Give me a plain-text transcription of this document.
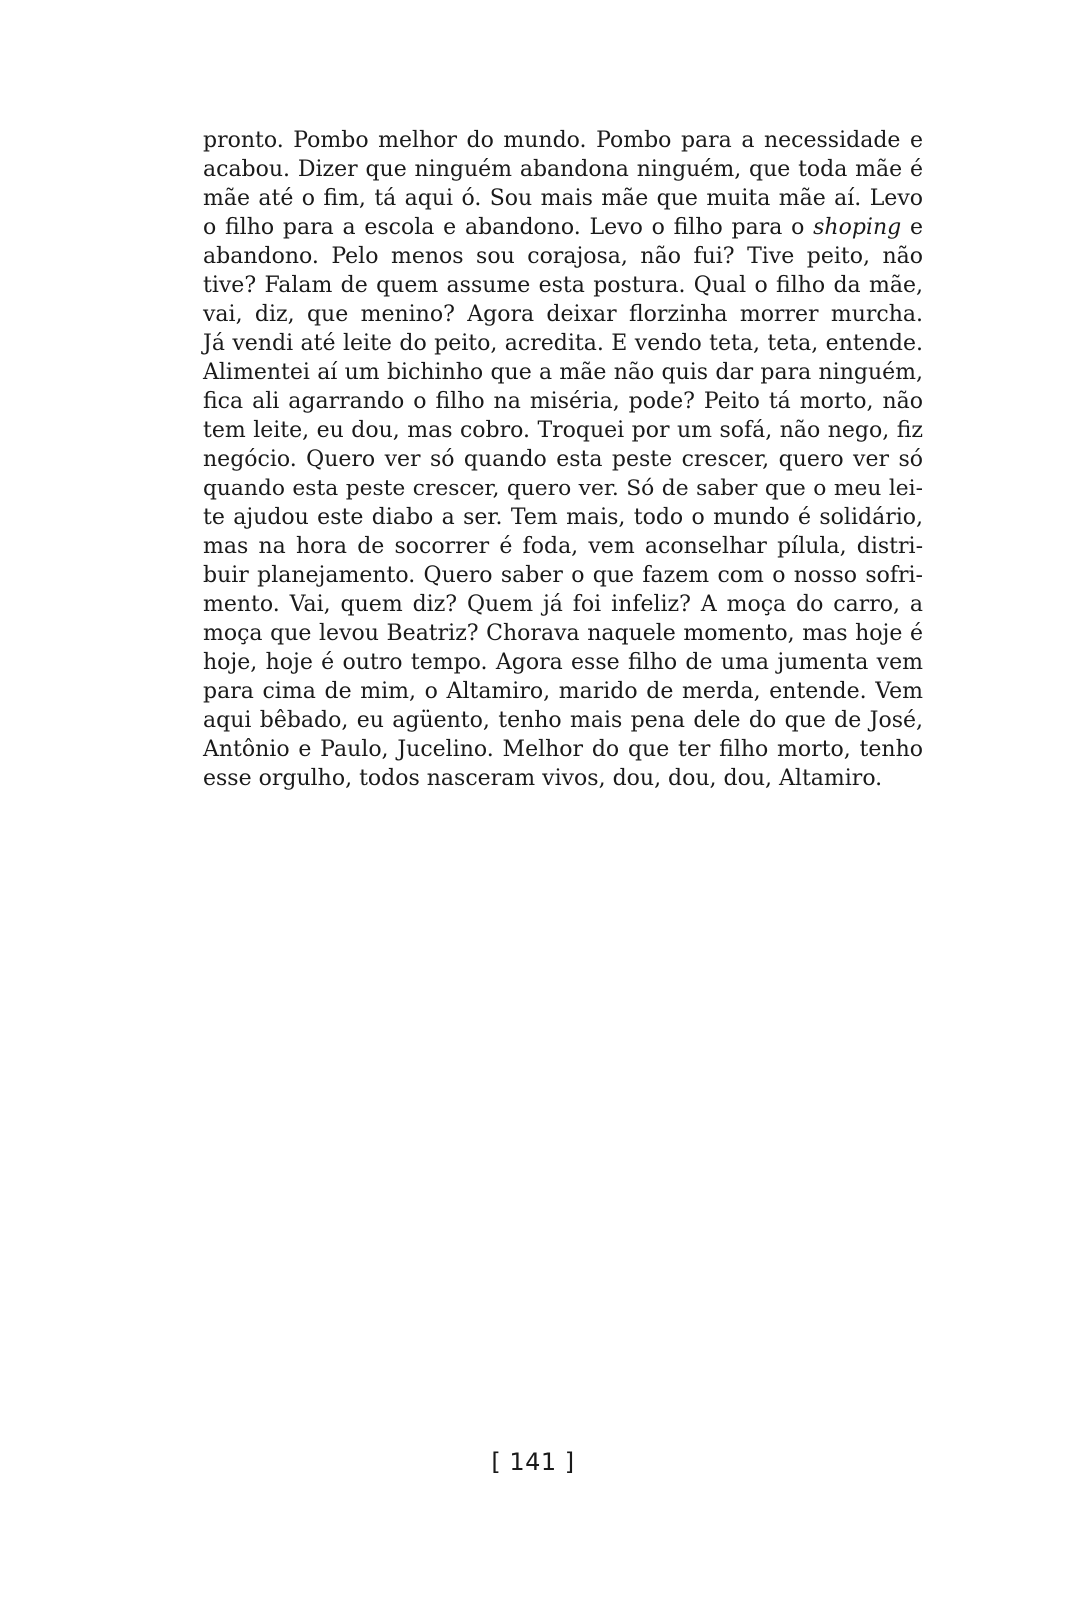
pronto. Pombo melhor do mundo. Pombo para a necessidade e
acabou. Dizer que ninguém abandona ninguém, que toda mãe é
mãe até o fim, tá aqui ó. Sou mais mãe que muita mãe aí. Levo
o filho para a escola e abandono. Levo o filho para o shoping e
abandono. Pelo menos sou corajosa, não fui? Tive peito, não
tive? Falam de quem assume esta postura. Qual o filho da mãe,
vai, diz, que menino? Agora deixar florzinha morrer murcha.
Já vendi até leite do peito, acredita. E vendo teta, teta, entende.
Alimentei aí um bichinho que a mãe não quis dar para ninguém,
fica ali agarrando o filho na miséria, pode? Peito tá morto, não
tem leite, eu dou, mas cobro. Troquei por um sofá, não nego, fiz
negócio. Quero ver só quando esta peste crescer, quero ver só
quando esta peste crescer, quero ver. Só de saber que o meu lei-
te ajudou este diabo a ser. Tem mais, todo o mundo é solidário,
mas na hora de socorrer é foda, vem aconselhar pílula, distri-
buir planejamento. Quero saber o que fazem com o nosso sofri-
mento. Vai, quem diz? Quem já foi infeliz? A moça do carro, a
moça que levou Beatriz? Chorava naquele momento, mas hoje é
hoje, hoje é outro tempo. Agora esse filho de uma jumenta vem
para cima de mim, o Altamiro, marido de merda, entende. Vem
aqui bêbado, eu agüento, tenho mais pena dele do que de José,
Antônio e Paulo, Jucelino. Melhor do que ter filho morto, tenho
esse orgulho, todos nasceram vivos, dou, dou, dou, Altamiro.
[ 141 ]
